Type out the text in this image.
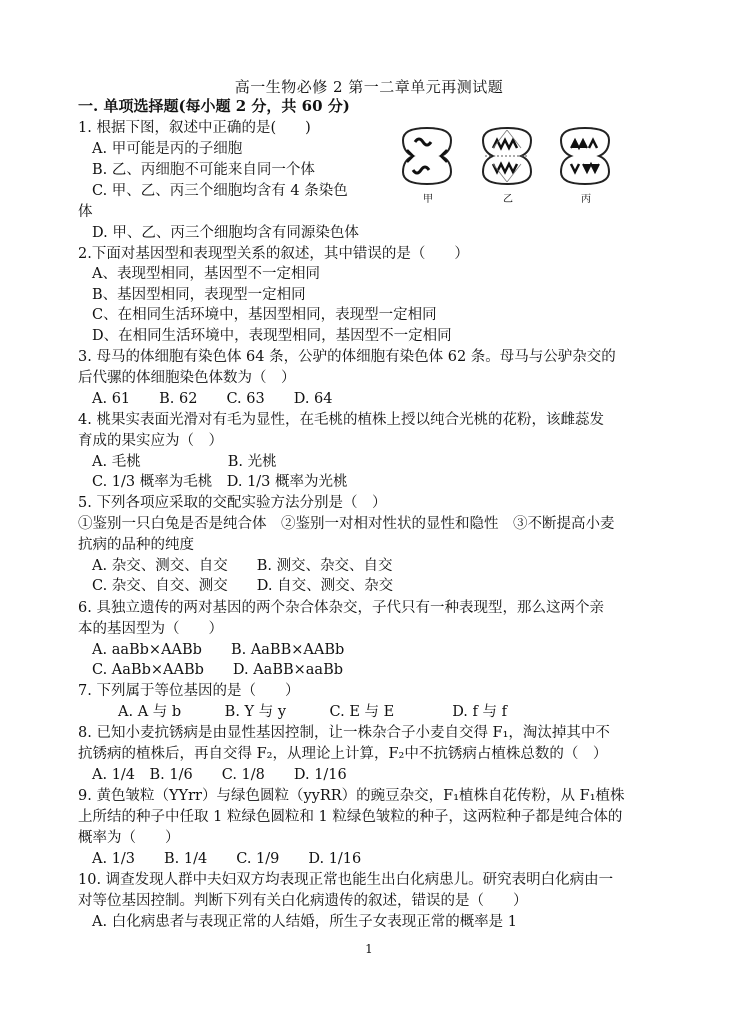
高一生物必修 2 第一二章单元再测试题
一. 单项选择题(每小题 2 分，共 60 分)
1. 根据下图，叙述中正确的是(　　)
A. 甲可能是丙的子细胞
B. 乙、丙细胞不可能来自同一个体
C. 甲、乙、丙三个细胞均含有 4 条染色
体
D. 甲、乙、丙三个细胞均含有同源染色体
2.下面对基因型和表现型关系的叙述，其中错误的是（　　）
A、表现型相同，基因型不一定相同
B、基因型相同，表现型一定相同
C、在相同生活环境中，基因型相同，表现型一定相同
D、在相同生活环境中，表现型相同，基因型不一定相同
3. 母马的体细胞有染色体 64 条，公驴的体细胞有染色体 62 条。母马与公驴杂交的
后代骡的体细胞染色体数为（　）
A. 61　　B. 62　　C. 63　　D. 64
4. 桃果实表面光滑对有毛为显性，在毛桃的植株上授以纯合光桃的花粉，该雌蕊发
育成的果实应为（　）
A. 毛桃　　　　　　B. 光桃
C. 1/3 概率为毛桃　D. 1/3 概率为光桃
5. 下列各项应采取的交配实验方法分别是（　）
①鉴别一只白兔是否是纯合体　②鉴别一对相对性状的显性和隐性　③不断提高小麦
抗病的品种的纯度
A. 杂交、测交、自交　　B. 测交、杂交、自交
C. 杂交、自交、测交　　D. 自交、测交、杂交
6. 具独立遗传的两对基因的两个杂合体杂交，子代只有一种表现型，那么这两个亲
本的基因型为（　　）
A. aaBb×AABb　　B. AaBB×AABb
C. AaBb×AABb　　D. AaBB×aaBb
7. 下列属于等位基因的是（　　）
A. A 与 b　　　B. Y 与 y　　　C. E 与 E　　　　D. f 与 f
8. 已知小麦抗锈病是由显性基因控制，让一株杂合子小麦自交得 F₁，淘汰掉其中不
抗锈病的植株后，再自交得 F₂，从理论上计算，F₂中不抗锈病占植株总数的（　）
A. 1/4　B. 1/6　　C. 1/8　　D. 1/16
9. 黄色皱粒（YYrr）与绿色圆粒（yyRR）的豌豆杂交，F₁植株自花传粉，从 F₁植株
上所结的种子中任取 1 粒绿色圆粒和 1 粒绿色皱粒的种子，这两粒种子都是纯合体的
概率为（　　）
A. 1/3　　B. 1/4　　C. 1/9　　D. 1/16
10. 调查发现人群中夫妇双方均表现正常也能生出白化病患儿。研究表明白化病由一
对等位基因控制。判断下列有关白化病遗传的叙述，错误的是（　　）
A. 白化病患者与表现正常的人结婚，所生子女表现正常的概率是 1
甲	乙	丙
1
